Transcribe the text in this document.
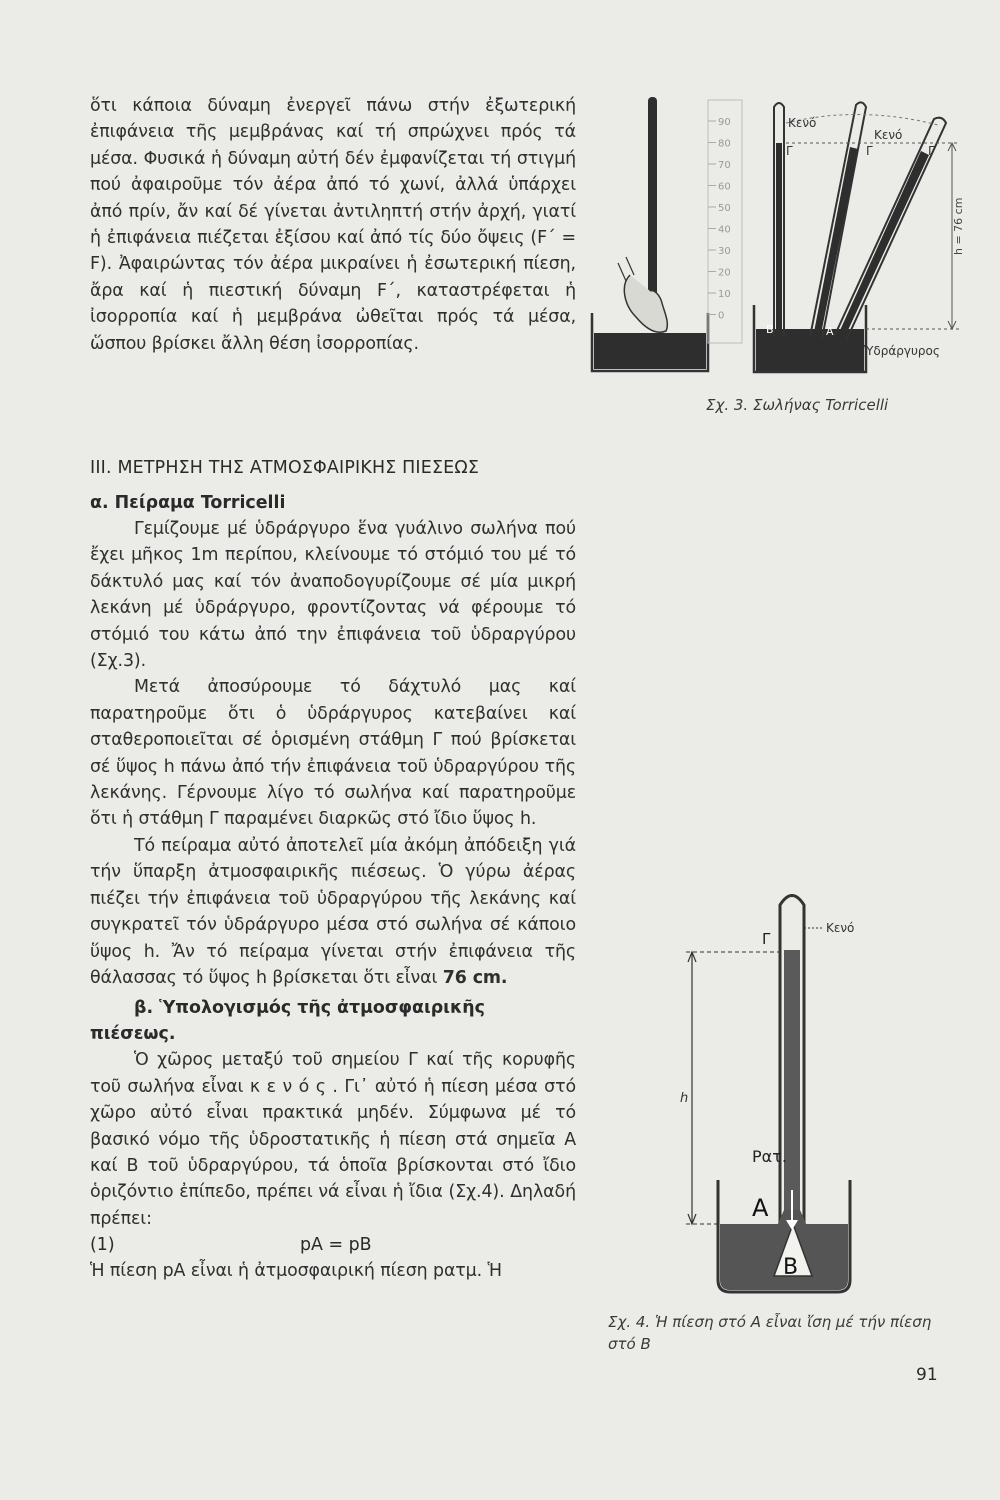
ὅτι κάποια δύναμη ἐνεργεῖ πάνω στήν ἐξωτερική ἐπιφάνεια τῆς μεμβράνας καί τή σπρώχνει πρός τά μέσα. Φυσικά ἡ δύναμη αὐτή δέν ἐμφανίζεται τή στιγμή πού ἀφαιροῦμε τόν ἀέρα ἀπό τό χωνί, ἀλλά ὑπάρχει ἀπό πρίν, ἄν καί δέ γίνεται ἀντιληπτή στήν ἀρχή, γιατί ἡ ἐπιφάνεια πιέζεται ἐξίσου καί ἀπό τίς δύο ὄψεις (F΄ = F). Ἀφαιρώντας τόν ἀέρα μικραίνει ἡ ἐσωτερική πίεση, ἄρα καί ἡ πιεστική δύναμη F΄, καταστρέφεται ἡ ἰσορροπία καί ἡ μεμβράνα ὠθεῖται πρός τά μέσα, ὥσπου βρίσκει ἄλλη θέση ἰσορροπίας.

III. ΜΕΤΡΗΣΗ ΤΗΣ ΑΤΜΟΣΦΑΙΡΙΚΗΣ ΠΙΕΣΕΩΣ

α. Πείραμα Torricelli

Γεμίζουμε μέ ὑδράργυρο ἕνα γυάλινο σωλήνα πού ἔχει μῆκος 1m περίπου, κλείνουμε τό στόμιό του μέ τό δάκτυλό μας καί τόν ἀναποδογυρίζουμε σέ μία μικρή λεκάνη μέ ὑδράργυρο, φροντίζοντας νά φέρουμε τό στόμιό του κάτω ἀπό την ἐπιφάνεια τοῦ ὑδραργύρου (Σχ.3).

Μετά ἀποσύρουμε τό δάχτυλό μας καί παρατηροῦμε ὅτι ὁ ὑδράργυρος κατεβαίνει καί σταθεροποιεῖται σέ ὁρισμένη στάθμη Γ πού βρίσκεται σέ ὕψος h πάνω ἀπό τήν ἐπιφάνεια τοῦ ὑδραργύρου τῆς λεκάνης. Γέρνουμε λίγο τό σωλήνα καί παρατηροῦμε ὅτι ἡ στάθμη Γ παραμένει διαρκῶς στό ἴδιο ὕψος h.

Τό πείραμα αὐτό ἀποτελεῖ μία ἀκόμη ἀπόδειξη γιά τήν ὕπαρξη ἀτμοσφαιρικῆς πιέσεως. Ὁ γύρω ἀέρας πιέζει τήν ἐπιφάνεια τοῦ ὑδραργύρου τῆς λεκάνης καί συγκρατεῖ τόν ὑδράργυρο μέσα στό σωλήνα σέ κάποιο ὕψος h. Ἄν τό πείραμα γίνεται στήν ἐπιφάνεια τῆς θάλασσας τό ὕψος h βρίσκεται ὅτι εἶναι 76 cm.

β. Ὑπολογισμός τῆς ἀτμοσφαιρικῆς πιέσεως.

Ὁ χῶρος μεταξύ τοῦ σημείου Γ καί τῆς κορυφῆς τοῦ σωλήνα εἶναι κ ε ν ό ς . Γι᾽ αὐτό ἡ πίεση μέσα στό χῶρο αὐτό εἶναι πρακτικά μηδέν. Σύμφωνα μέ τό βασικό νόμο τῆς ὑδροστατικῆς ἡ πίεση στά σημεῖα Α καί Β τοῦ ὑδραργύρου, τά ὁποῖα βρίσκονται στό ἴδιο ὁριζόντιο ἐπίπεδο, πρέπει νά εἶναι ἡ ἴδια (Σχ.4). Δηλαδή πρέπει:

(1)	pA = pB

Ἡ πίεση pA εἶναι ἡ ἀτμοσφαιρική πίεση pατμ. Ἡ

90
80
70
60
50
40
30
20
10
0
h = 76 cm
Κενό
Κενό
Γ	Γ	Γ
Β	Α
Ὑδράργυρος
Σχ. 3. Σωλήνας Torricelli
Κενό
Γ
h
Pατ.
Α
Β
Σχ. 4. Ἡ πίεση στό Α εἶναι ἴση μέ τήν πίεση στό Β
91
